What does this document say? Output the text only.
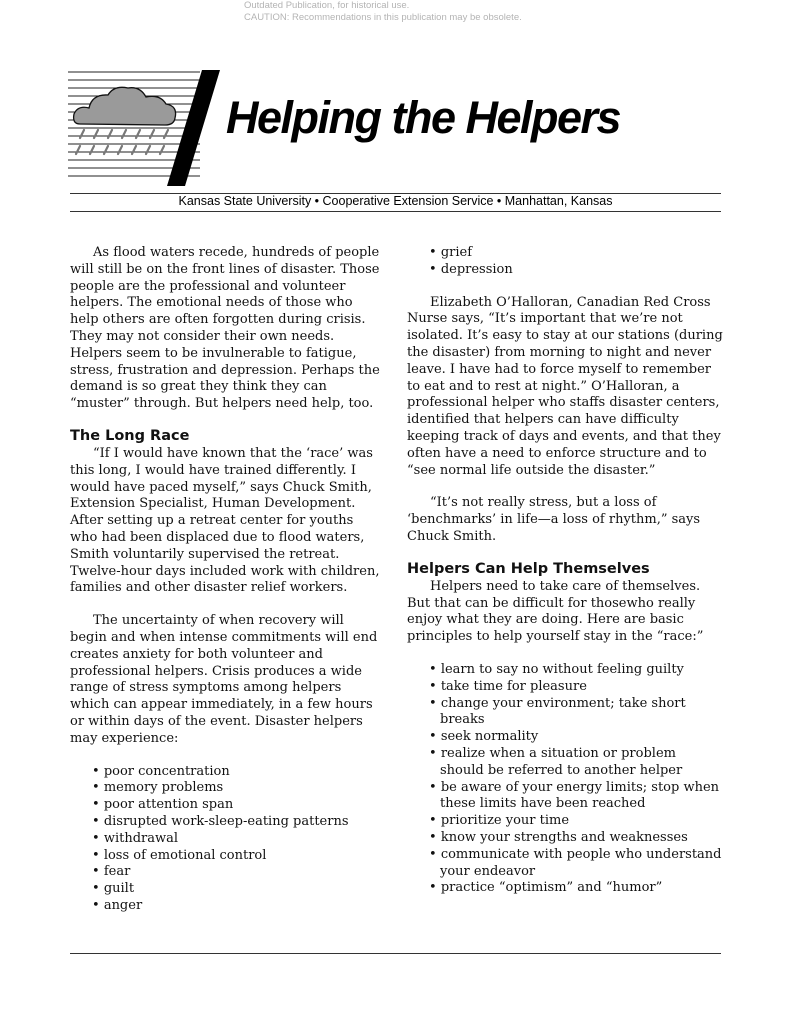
Outdated Publication, for historical use.
CAUTION: Recommendations in this publication may be obsolete.
Helping the Helpers
Kansas State University • Cooperative Extension Service • Manhattan, Kansas

As flood waters recede, hundreds of people will still be on the front lines of disaster. Those people are the professional and volunteer helpers. The emotional needs of those who help others are often forgotten during crisis. They may not consider their own needs. Helpers seem to be invulnerable to fatigue, stress, frustration and depression. Perhaps the demand is so great they think they can “muster” through. But helpers need help, too.

The Long Race

“If I would have known that the ‘race’ was this long, I would have trained differently. I would have paced myself,” says Chuck Smith, Extension Specialist, Human Development. After setting up a retreat center for youths who had been displaced due to flood waters, Smith voluntarily supervised the retreat. Twelve-hour days included work with children, families and other disaster relief workers.

The uncertainty of when recovery will begin and when intense commitments will end creates anxiety for both volunteer and professional helpers. Crisis produces a wide range of stress symptoms among helpers which can appear immediately, in a few hours or within days of the event. Disaster helpers may experience:

• poor concentration
• memory problems
• poor attention span
• disrupted work-sleep-eating patterns
• withdrawal
• loss of emotional control
• fear
• guilt
• anger
• grief
• depression

Elizabeth O’Halloran, Canadian Red Cross Nurse says, “It’s important that we’re not isolated. It’s easy to stay at our stations (during the disaster) from morning to night and never leave. I have had to force myself to remember to eat and to rest at night.” O’Halloran, a professional helper who staffs disaster centers, identified that helpers can have difficulty keeping track of days and events, and that they often have a need to enforce structure and to “see normal life outside the disaster.”

“It’s not really stress, but a loss of ‘benchmarks’ in life—a loss of rhythm,” says Chuck Smith.

Helpers Can Help Themselves

Helpers need to take care of themselves. But that can be difficult for thosewho really enjoy what they are doing. Here are basic principles to help yourself stay in the “race:”

• learn to say no without feeling guilty
• take time for pleasure
• change your environment; take short breaks
• seek normality
• realize when a situation or problem should be referred to another helper
• be aware of your energy limits; stop when these limits have been reached
• prioritize your time
• know your strengths and weaknesses
• communicate with people who understand your endeavor
• practice “optimism” and “humor”
